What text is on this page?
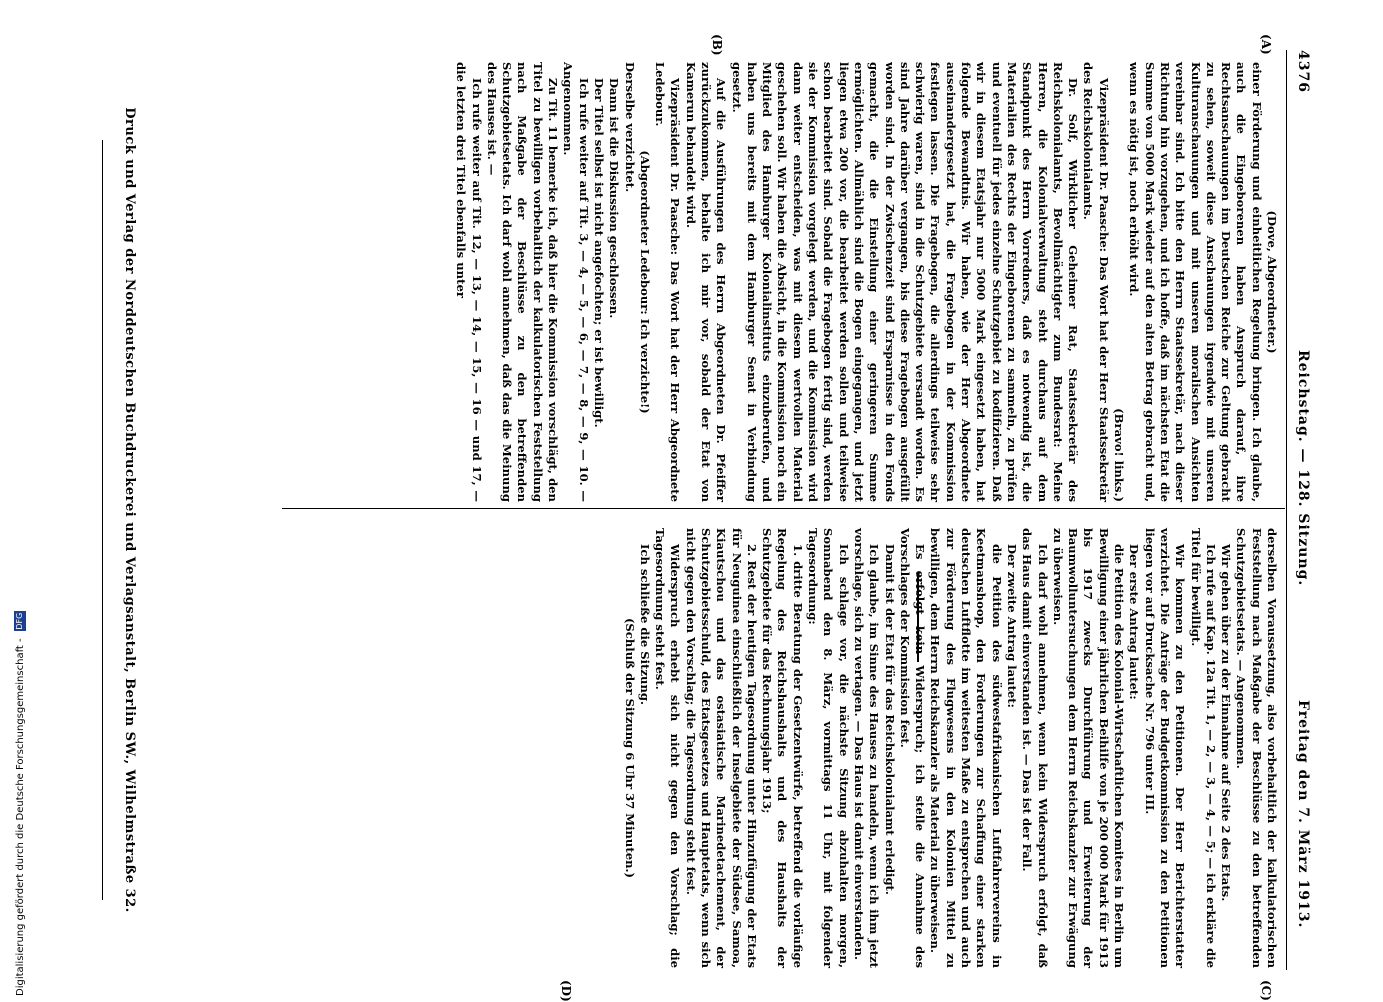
4376
Reichstag. — 128. Sitzung.
Freitag den 7. März 1913.
(A)
(B)
(C)
(D)

(Dove, Abgeordneter.)

einer Förderung und einheitlichen Regelung bringen. Ich glaube, auch die Eingeborenen haben Anspruch darauf, ihre Rechtsanschauungen im Deutschen Reiche zur Geltung gebracht zu sehen, soweit diese Anschauungen irgendwie mit unseren Kulturanschauungen und mit unseren moralischen Ansichten vereinbar sind. Ich bitte den Herrn Staatssekretär, nach dieser Richtung hin vorzugehen, und ich hoffe, daß im nächsten Etat die Summe von 5000 Mark wieder auf den alten Betrag gebracht und, wenn es nötig ist, noch erhöht wird.

(Bravo! links.)

Vizepräsident Dr. Paasche: Das Wort hat der Herr Staatssekretär des Reichskolonialamts.

Dr. Solf, Wirklicher Geheimer Rat, Staatssekretär des Reichskolonialamts, Bevollmächtigter zum Bundesrat: Meine Herren, die Kolonialverwaltung steht durchaus auf dem Standpunkt des Herrn Vorredners, daß es notwendig ist, die Materialien des Rechts der Eingeborenen zu sammeln, zu prüfen und eventuell für jedes einzelne Schutzgebiet zu kodifizieren. Daß wir in diesem Etatsjahr nur 5000 Mark eingesetzt haben, hat folgende Bewandtnis. Wir haben, wie der Herr Abgeordnete auseinandergesetzt hat, die Fragebogen in der Kommission festlegen lassen. Die Fragebogen, die allerdings teilweise sehr schwierig waren, sind in die Schutzgebiete versandt worden. Es sind Jahre darüber vergangen, bis diese Fragebogen ausgefüllt worden sind. In der Zwischenzeit sind Ersparnisse in den Fonds gemacht, die die Einstellung einer geringeren Summe ermöglichten. Allmählich sind die Bogen eingegangen, und jetzt liegen etwa 200 vor, die bearbeitet werden sollen und teilweise schon bearbeitet sind. Sobald die Fragebogen fertig sind, werden sie der Kommission vorgelegt werden, und die Kommission wird dann weiter entscheiden, was mit diesem wertvollen Material geschehen soll. Wir haben die Absicht, in die Kommission noch ein Mitglied des Hamburger Kolonialinstituts einzuberufen, und haben uns bereits mit dem Hamburger Senat in Verbindung gesetzt.

Auf die Ausführungen des Herrn Abgeordneten Dr. Pfeiffer zurückzukommen, behalte ich mir vor, sobald der Etat von Kamerun behandelt wird.

Vizepräsident Dr. Paasche: Das Wort hat der Herr Abgeordnete Ledebour.

(Abgeordneter Ledebour: Ich verzichte!)

Derselbe verzichtet.

Dann ist die Diskussion geschlossen.

Der Titel selbst ist nicht angefochten; er ist bewilligt.

Ich rufe weiter auf Tit. 3, — 4, — 5, — 6, — 7, — 8, — 9, — 10. — Angenommen.

Zu Tit. 11 bemerke ich, daß hier die Kommission vorschlägt, den Titel zu bewilligen vorbehaltlich der kalkulatorischen Feststellung nach Maßgabe der Beschlüsse zu den betreffenden Schutzgebietsetats. Ich darf wohl annehmen, daß das die Meinung des Hauses ist. —

Ich rufe weiter auf Tit. 12, — 13, — 14, — 15, — 16 — und 17, — die letzten drei Titel ebenfalls unter

derselben Voraussetzung, also vorbehaltlich der kalkulatorischen Feststellung nach Maßgabe der Beschlüsse zu den betreffenden Schutzgebietsetats. — Angenommen.

Wir gehen über zu der Einnahme auf Seite 2 des Etats.

Ich rufe auf Kap. 12a Tit. 1, — 2, — 3, — 4, — 5; — ich erkläre die Titel für bewilligt.

Wir kommen zu den Petitionen. Der Herr Berichterstatter verzichtet. Die Anträge der Budgetkommission zu den Petitionen liegen vor auf Drucksache Nr. 796 unter III.

Der erste Antrag lautet:

die Petition des Kolonial-Wirtschaftlichen Komitees in Berlin um Bewilligung einer jährlichen Beihilfe von je 200 000 Mark für 1913 bis 1917 zwecks Durchführung und Erweiterung der Baumwolluntersuchungen dem Herrn Reichskanzler zur Erwägung zu überweisen.

Ich darf wohl annehmen, wenn kein Widerspruch erfolgt, daß das Haus damit einverstanden ist. — Das ist der Fall.

Der zweite Antrag lautet:

die Petition des südwestafrikanischen Luftfahrervereins in Keetmanshoop, den Forderungen zur Schaffung einer starken deutschen Luftflotte im weitesten Maße zu entsprechen und auch zur Förderung des Flugwesens in den Kolonien Mittel zu bewilligen, dem Herrn Reichskanzler als Material zu überweisen.

Es erfolgt kein Widerspruch; ich stelle die Annahme des Vorschlages der Kommission fest.

Damit ist der Etat für das Reichskolonialamt erledigt.

Ich glaube, im Sinne des Hauses zu handeln, wenn ich ihm jetzt vorschlage, sich zu vertagen. — Das Haus ist damit einverstanden.

Ich schlage vor, die nächste Sitzung abzuhalten morgen, Sonnabend den 8. März, vormittags 11 Uhr, mit folgender Tagesordnung:

1. dritte Beratung der Gesetzentwürfe, betreffend die vorläufige Regelung des Reichshaushalts und des Haushalts der Schutzgebiete für das Rechnungsjahr 1913;

2. Rest der heutigen Tagesordnung unter Hinzufügung der Etats für Neuguinea einschließlich der Inselgebiete der Südsee, Samoa, Kiautschou und das ostasiatische Marinedetachement, der Schutzgebietsschuld, des Etatsgesetzes und Hauptetats, wenn sich nicht gegen den Vorschlag; die Tagesordnung steht fest.

Widerspruch erhebt sich nicht gegen den Vorschlag; die Tagesordnung steht fest.

Ich schließe die Sitzung.

(Schluß der Sitzung 6 Uhr 37 Minuten.)

Druck und Verlag der Norddeutschen Buchdruckerei und Verlagsanstalt, Berlin SW., Wilhelmstraße 32.
Digitalisierung gefördert durch die Deutsche Forschungsgemeinschaft - DFG
